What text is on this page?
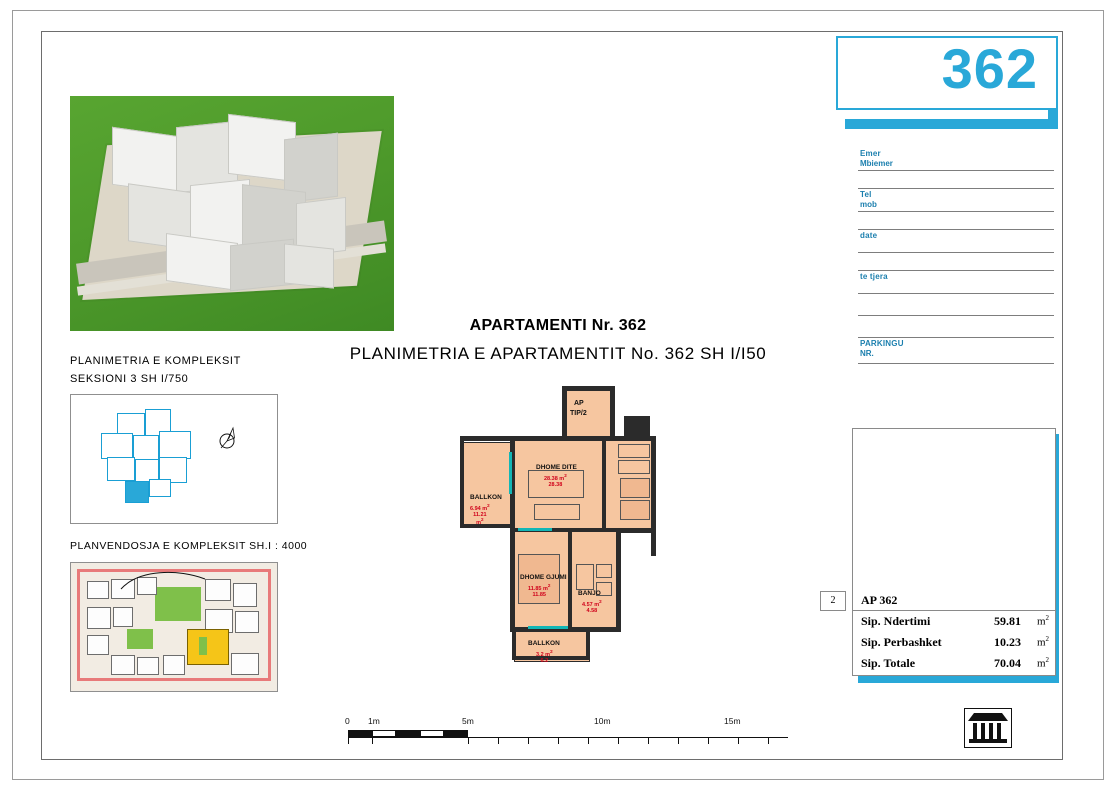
362
Emer
Mbiemer
Tel
mob
date
te tjera
PARKINGU
NR.
2	AP 362
Sip. Ndertimi	59.81 $m^2$
Sip. Perbashket	10.23 $m^2$
Sip. Totale	70.04 $m^2$
APARTAMENTI Nr. 362
PLANIMETRIA E APARTAMENTIT No. 362 SH I/I50
PLANIMETRIA E KOMPLEKSIT
SEKSIONI 3 SH I/750
PLANVENDOSJA E KOMPLEKSIT SH.I : 4000
BALLKON
6.94 $m^2$
11.21
$m^2$
DHOME DITE
28.38 $m^2$
28.38
DHOME GJUMI
11.85 $m^2$
11.85	BANJO
4.57 $m^2$
4.58
BALLKON
3.2 $m^2$
6.2
AP
TIP/2
0 1m	5m	10m	15m
